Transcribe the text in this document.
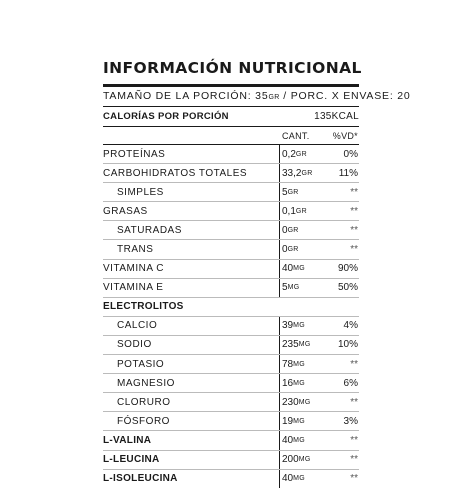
INFORMACIÓN NUTRICIONAL
TAMAÑO DE LA PORCIÓN: 35GR / PORC. X ENVASE: 20
CALORÍAS POR PORCIÓN	135KCAL
CANT.	%VD*
PROTEÍNAS	0,2 GR	0%
CARBOHIDRATOS TOTALES	33,2 GR	11%
SIMPLES	5 GR	**
GRASAS	0,1 GR	**
SATURADAS	0 GR	**
TRANS	0 GR	**
VITAMINA C	40 MG	90%
VITAMINA E	5 MG	50%
ELECTROLITOS
CALCIO	39 MG	4%
SODIO	235 MG	10%
POTASIO	78 MG	**
MAGNESIO	16 MG	6%
CLORURO	230 MG	**
FÓSFORO	19 MG	3%
L-VALINA	40 MG	**
L-LEUCINA	200 MG	**
L-ISOLEUCINA	40 MG	**
